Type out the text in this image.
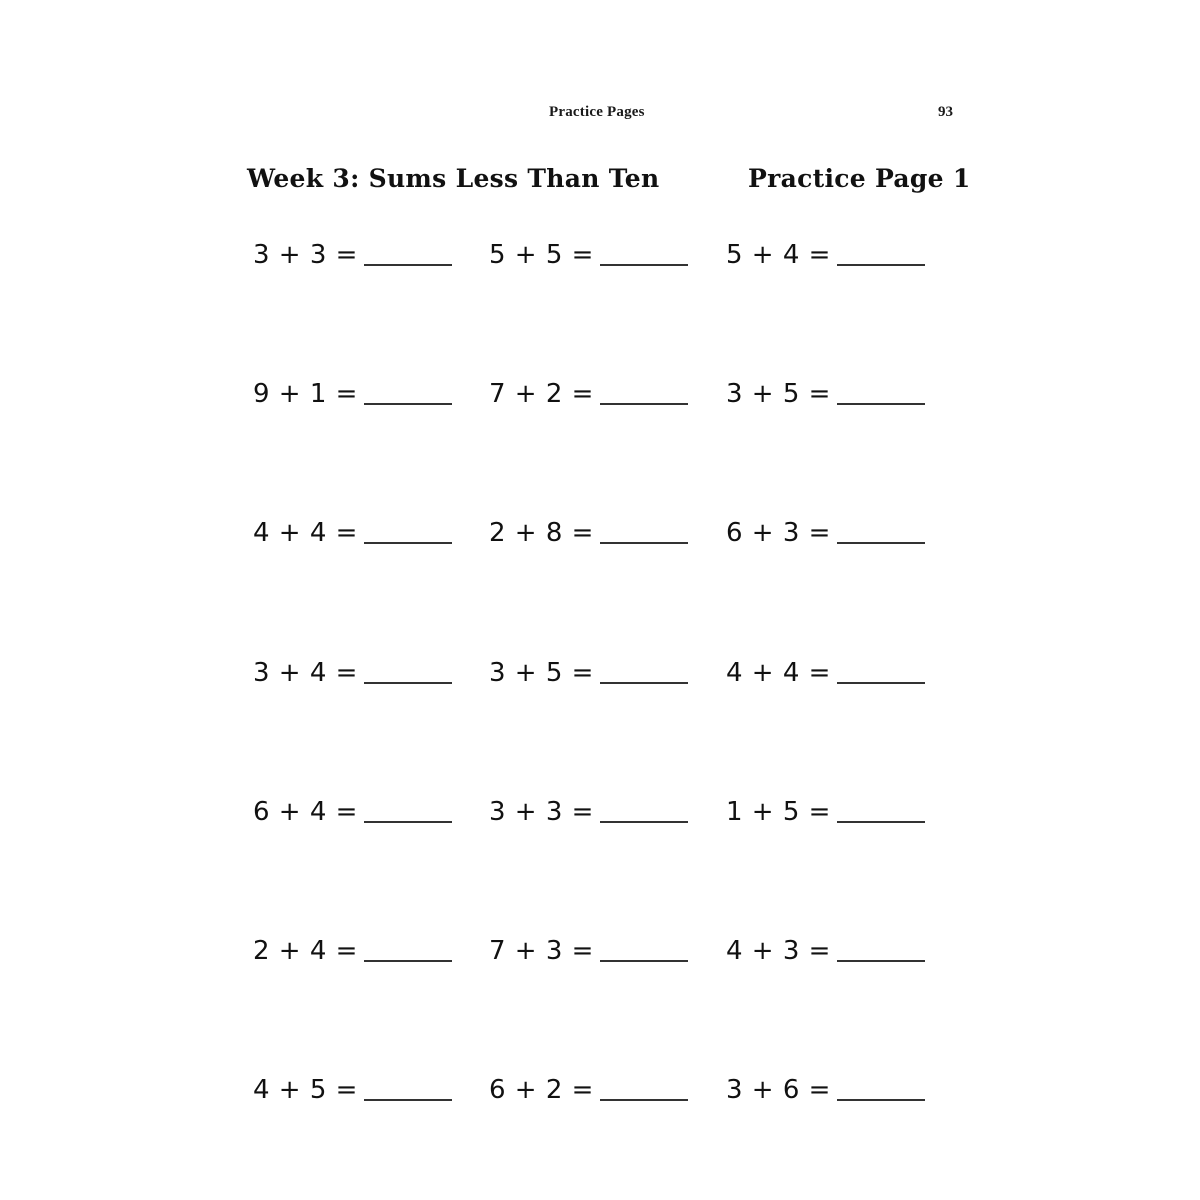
Practice Pages	93
Week 3: Sums Less Than Ten	Practice Page 1
3 + 3 =	5 + 5 =	5 + 4 =
9 + 1 =	7 + 2 =	3 + 5 =
4 + 4 =	2 + 8 =	6 + 3 =
3 + 4 =	3 + 5 =	4 + 4 =
6 + 4 =	3 + 3 =	1 + 5 =
2 + 4 =	7 + 3 =	4 + 3 =
4 + 5 =	6 + 2 =	3 + 6 =
